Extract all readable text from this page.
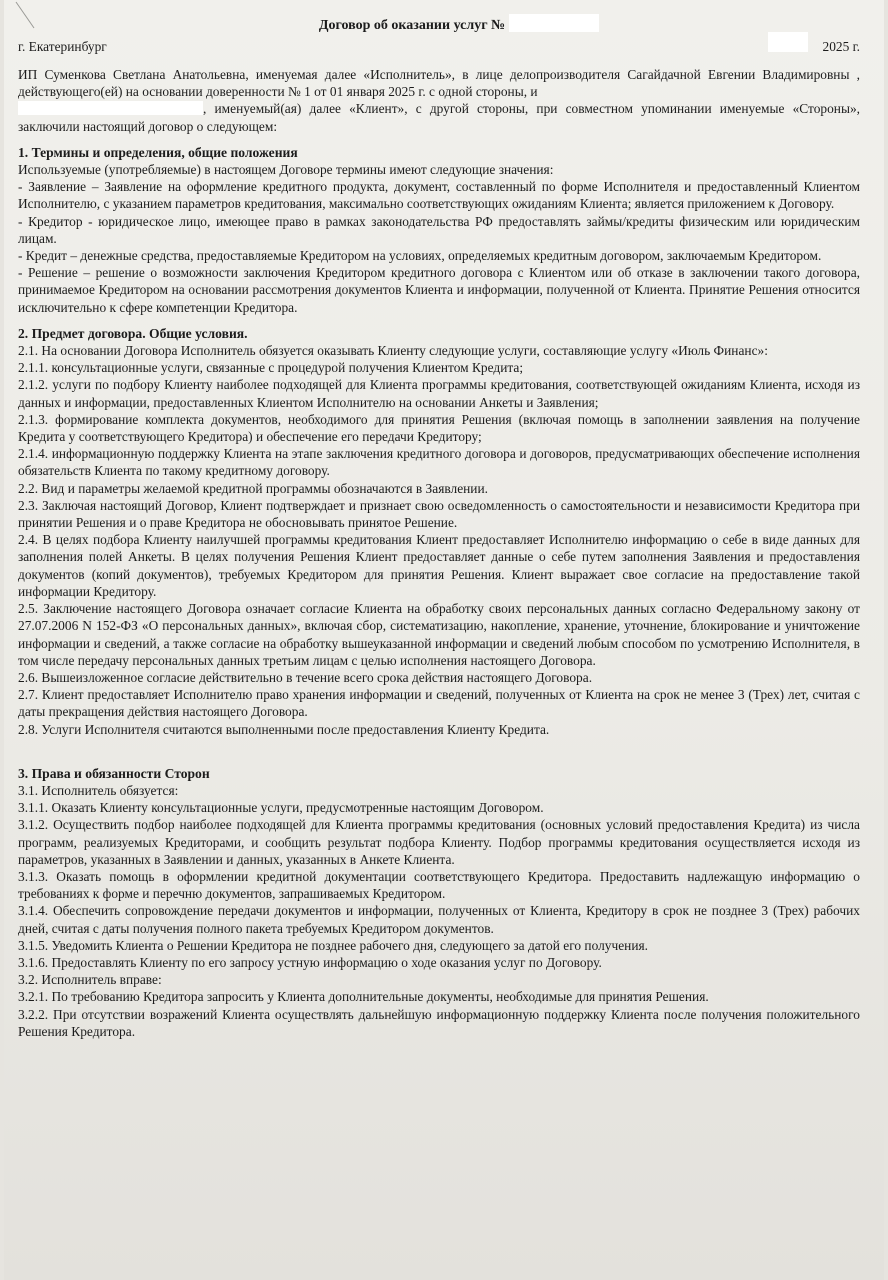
Договор об оказании услуг №
г. Екатеринбург	2025 г.

ИП Суменкова Светлана Анатольевна, именуемая далее «Исполнитель», в лице делопроизводителя Сагайдачной Евгении Владимировны , действующего(ей) на основании доверенности № 1 от 01 января 2025 г. с одной стороны, и

, именуемый(ая) далее «Клиент», с другой стороны, при совместном упоминании именуемые «Стороны», заключили настоящий договор о следующем:

1. Термины и определения, общие положения

Используемые (употребляемые) в настоящем Договоре термины имеют следующие значения:

- Заявление – Заявление на оформление кредитного продукта, документ, составленный по форме Исполнителя и предоставленный Клиентом Исполнителю, с указанием параметров кредитования, максимально соответствующих ожиданиям Клиента; является приложением к Договору.

- Кредитор - юридическое лицо, имеющее право в рамках законодательства РФ предоставлять займы/кредиты физическим или юридическим лицам.

- Кредит – денежные средства, предоставляемые Кредитором на условиях, определяемых кредитным договором, заключаемым Кредитором.

- Решение – решение о возможности заключения Кредитором кредитного договора с Клиентом или об отказе в заключении такого договора, принимаемое Кредитором на основании рассмотрения документов Клиента и информации, полученной от Клиента. Принятие Решения относится исключительно к сфере компетенции Кредитора.

2. Предмет договора. Общие условия.

2.1. На основании Договора Исполнитель обязуется оказывать Клиенту следующие услуги, составляющие услугу «Июль Финанс»:

2.1.1. консультационные услуги, связанные с процедурой получения Клиентом Кредита;

2.1.2. услуги по подбору Клиенту наиболее подходящей для Клиента программы кредитования, соответствующей ожиданиям Клиента, исходя из данных и информации, предоставленных Клиентом Исполнителю на основании Анкеты и Заявления;

2.1.3. формирование комплекта документов, необходимого для принятия Решения (включая помощь в заполнении заявления на получение Кредита у соответствующего Кредитора) и обеспечение его передачи Кредитору;

2.1.4. информационную поддержку Клиента на этапе заключения кредитного договора и договоров, предусматривающих обеспечение исполнения обязательств Клиента по такому кредитному договору.

2.2. Вид и параметры желаемой кредитной программы обозначаются в Заявлении.

2.3. Заключая настоящий Договор, Клиент подтверждает и признает свою осведомленность о самостоятельности и независимости Кредитора при принятии Решения и о праве Кредитора не обосновывать принятое Решение.

2.4. В целях подбора Клиенту наилучшей программы кредитования Клиент предоставляет Исполнителю информацию о себе в виде данных для заполнения полей Анкеты. В целях получения Решения Клиент предоставляет данные о себе путем заполнения Заявления и предоставления документов (копий документов), требуемых Кредитором для принятия Решения. Клиент выражает свое согласие на предоставление такой информации Кредитору.

2.5. Заключение настоящего Договора означает согласие Клиента на обработку своих персональных данных согласно Федеральному закону от 27.07.2006 N 152-ФЗ «О персональных данных», включая сбор, систематизацию, накопление, хранение, уточнение, блокирование и уничтожение информации и сведений, а также согласие на обработку вышеуказанной информации и сведений любым способом по усмотрению Исполнителя, в том числе передачу персональных данных третьим лицам с целью исполнения настоящего Договора.

2.6. Вышеизложенное согласие действительно в течение всего срока действия настоящего Договора.

2.7. Клиент предоставляет Исполнителю право хранения информации и сведений, полученных от Клиента на срок не менее 3 (Трех) лет, считая с даты прекращения действия настоящего Договора.

2.8. Услуги Исполнителя считаются выполненными после предоставления Клиенту Кредита.

3. Права и обязанности Сторон

3.1. Исполнитель обязуется:

3.1.1. Оказать Клиенту консультационные услуги, предусмотренные настоящим Договором.

3.1.2. Осуществить подбор наиболее подходящей для Клиента программы кредитования (основных условий предоставления Кредита) из числа программ, реализуемых Кредиторами, и сообщить результат подбора Клиенту. Подбор программы кредитования осуществляется исходя из параметров, указанных в Заявлении и данных, указанных в Анкете Клиента.

3.1.3. Оказать помощь в оформлении кредитной документации соответствующего Кредитора. Предоставить надлежащую информацию о требованиях к форме и перечню документов, запрашиваемых Кредитором.

3.1.4. Обеспечить сопровождение передачи документов и информации, полученных от Клиента, Кредитору в срок не позднее 3 (Трех) рабочих дней, считая с даты получения полного пакета требуемых Кредитором документов.

3.1.5. Уведомить Клиента о Решении Кредитора не позднее рабочего дня, следующего за датой его получения.

3.1.6. Предоставлять Клиенту по его запросу устную информацию о ходе оказания услуг по Договору.

3.2. Исполнитель вправе:

3.2.1. По требованию Кредитора запросить у Клиента дополнительные документы, необходимые для принятия Решения.

3.2.2. При отсутствии возражений Клиента осуществлять дальнейшую информационную поддержку Клиента после получения положительного Решения Кредитора.
